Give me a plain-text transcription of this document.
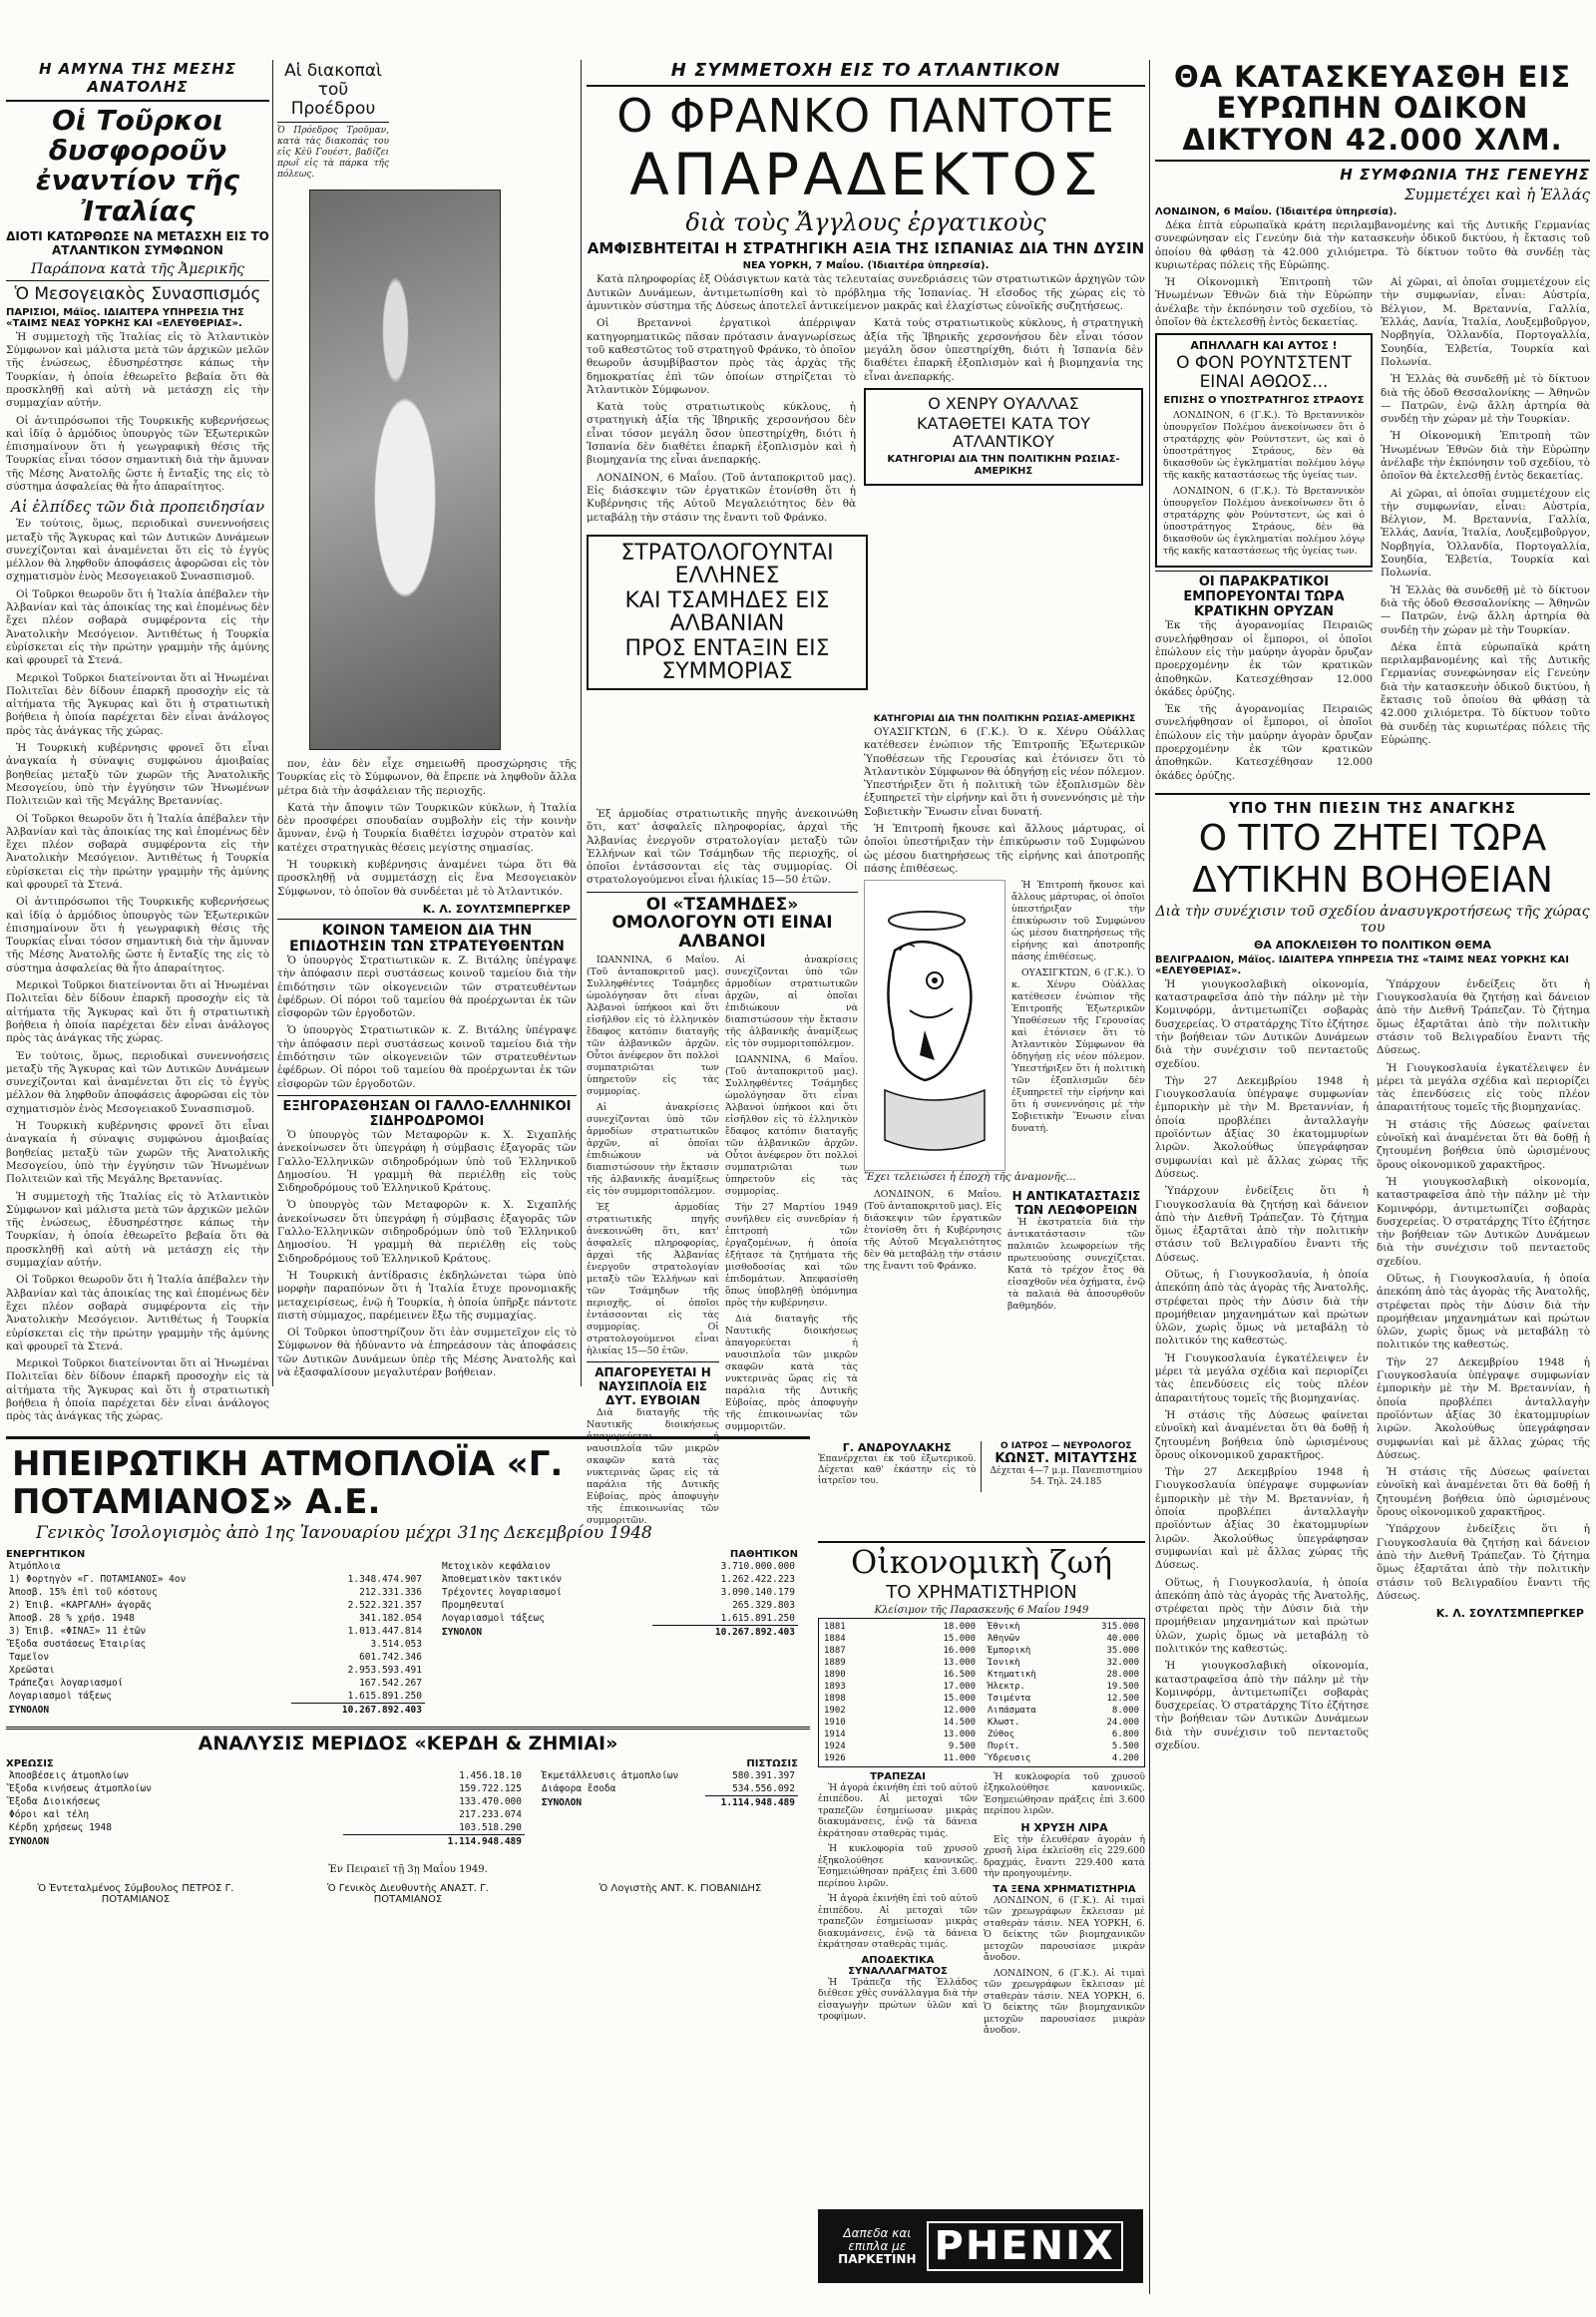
Η ΑΜΥΝΑ ΤΗΣ ΜΕΣΗΣ ΑΝΑΤΟΛΗΣ
Οἱ Τοῦρκοι δυσφοροῦν ἐναντίον τῆς Ἰταλίας
ΔΙΟΤΙ ΚΑΤΩΡΘΩΣΕ ΝΑ ΜΕΤΑΣΧΗ ΕΙΣ ΤΟ ΑΤΛΑΝΤΙΚΟΝ ΣΥΜΦΩΝΟΝ
Παράπονα κατὰ τῆς Ἀμερικῆς
Ὁ Μεσογειακὸς Συνασπισμός
ΠΑΡΙΣΙΟΙ, Μάϊος. ΙΔΙΑΙΤΕΡΑ ΥΠΗΡΕΣΙΑ ΤΗΣ «ΤΑΙΜΣ ΝΕΑΣ ΥΟΡΚΗΣ ΚΑΙ «ΕΛΕΥΘΕΡΙΑΣ».

Ἡ συμμετοχὴ τῆς Ἰταλίας εἰς τὸ Ἀτλαντικὸν Σύμφωνον καὶ μάλιστα μετὰ τῶν ἀρχικῶν μελῶν τῆς ἐνώσεως, ἐδυσηρέστησε κάπως τὴν Τουρκίαν, ἡ ὁποία ἐθεωρεῖτο βεβαία ὅτι θὰ προσκληθῇ καὶ αὐτὴ νὰ μετάσχῃ εἰς τὴν συμμαχίαν αὐτήν.

Οἱ ἀντιπρόσωποι τῆς Τουρκικῆς κυβερνήσεως καὶ ἰδίᾳ ὁ ἀρμόδιος ὑπουργὸς τῶν Ἐξωτερικῶν ἐπισημαίνουν ὅτι ἡ γεωγραφικὴ θέσις τῆς Τουρκίας εἶναι τόσον σημαντικὴ διὰ τὴν ἄμυναν τῆς Μέσης Ἀνατολῆς ὥστε ἡ ἔνταξίς της εἰς τὸ σύστημα ἀσφαλείας θὰ ἦτο ἀπαραίτητος.

Αἱ ἐλπίδες τῶν διὰ προπειδησίαν

Ἐν τούτοις, ὅμως, περιοδικαὶ συνεννοήσεις μεταξὺ τῆς Ἄγκυρας καὶ τῶν Δυτικῶν Δυνάμεων συνεχίζονται καὶ ἀναμένεται ὅτι εἰς τὸ ἐγγὺς μέλλον θὰ ληφθοῦν ἀποφάσεις ἀφορῶσαι εἰς τὸν σχηματισμὸν ἑνὸς Μεσογειακοῦ Συνασπισμοῦ.

Οἱ Τοῦρκοι θεωροῦν ὅτι ἡ Ἰταλία ἀπέβαλεν τὴν Ἀλβανίαν καὶ τὰς ἀποικίας της καὶ ἐπομένως δὲν ἔχει πλέον σοβαρὰ συμφέροντα εἰς τὴν Ἀνατολικὴν Μεσόγειον. Ἀντιθέτως ἡ Τουρκία εὑρίσκεται εἰς τὴν πρώτην γραμμὴν τῆς ἀμύνης καὶ φρουρεῖ τὰ Στενά.

Μερικοὶ Τοῦρκοι διατείνονται ὅτι αἱ Ἡνωμέναι Πολιτεῖαι δὲν δίδουν ἐπαρκῆ προσοχὴν εἰς τὰ αἰτήματα τῆς Ἄγκυρας καὶ ὅτι ἡ στρατιωτικὴ βοήθεια ἡ ὁποία παρέχεται δὲν εἶναι ἀνάλογος πρὸς τὰς ἀνάγκας τῆς χώρας.

Ἡ Τουρκικὴ κυβέρνησις φρονεῖ ὅτι εἶναι ἀναγκαία ἡ σύναψις συμφώνου ἀμοιβαίας βοηθείας μεταξὺ τῶν χωρῶν τῆς Ἀνατολικῆς Μεσογείου, ὑπὸ τὴν ἐγγύησιν τῶν Ἡνωμένων Πολιτειῶν καὶ τῆς Μεγάλης Βρεταννίας.

Οἱ Τοῦρκοι θεωροῦν ὅτι ἡ Ἰταλία ἀπέβαλεν τὴν Ἀλβανίαν καὶ τὰς ἀποικίας της καὶ ἐπομένως δὲν ἔχει πλέον σοβαρὰ συμφέροντα εἰς τὴν Ἀνατολικὴν Μεσόγειον. Ἀντιθέτως ἡ Τουρκία εὑρίσκεται εἰς τὴν πρώτην γραμμὴν τῆς ἀμύνης καὶ φρουρεῖ τὰ Στενά.

Οἱ ἀντιπρόσωποι τῆς Τουρκικῆς κυβερνήσεως καὶ ἰδίᾳ ὁ ἀρμόδιος ὑπουργὸς τῶν Ἐξωτερικῶν ἐπισημαίνουν ὅτι ἡ γεωγραφικὴ θέσις τῆς Τουρκίας εἶναι τόσον σημαντικὴ διὰ τὴν ἄμυναν τῆς Μέσης Ἀνατολῆς ὥστε ἡ ἔνταξίς της εἰς τὸ σύστημα ἀσφαλείας θὰ ἦτο ἀπαραίτητος.

Μερικοὶ Τοῦρκοι διατείνονται ὅτι αἱ Ἡνωμέναι Πολιτεῖαι δὲν δίδουν ἐπαρκῆ προσοχὴν εἰς τὰ αἰτήματα τῆς Ἄγκυρας καὶ ὅτι ἡ στρατιωτικὴ βοήθεια ἡ ὁποία παρέχεται δὲν εἶναι ἀνάλογος πρὸς τὰς ἀνάγκας τῆς χώρας.

Ἐν τούτοις, ὅμως, περιοδικαὶ συνεννοήσεις μεταξὺ τῆς Ἄγκυρας καὶ τῶν Δυτικῶν Δυνάμεων συνεχίζονται καὶ ἀναμένεται ὅτι εἰς τὸ ἐγγὺς μέλλον θὰ ληφθοῦν ἀποφάσεις ἀφορῶσαι εἰς τὸν σχηματισμὸν ἑνὸς Μεσογειακοῦ Συνασπισμοῦ.

Ἡ Τουρκικὴ κυβέρνησις φρονεῖ ὅτι εἶναι ἀναγκαία ἡ σύναψις συμφώνου ἀμοιβαίας βοηθείας μεταξὺ τῶν χωρῶν τῆς Ἀνατολικῆς Μεσογείου, ὑπὸ τὴν ἐγγύησιν τῶν Ἡνωμένων Πολιτειῶν καὶ τῆς Μεγάλης Βρεταννίας.

Ἡ συμμετοχὴ τῆς Ἰταλίας εἰς τὸ Ἀτλαντικὸν Σύμφωνον καὶ μάλιστα μετὰ τῶν ἀρχικῶν μελῶν τῆς ἐνώσεως, ἐδυσηρέστησε κάπως τὴν Τουρκίαν, ἡ ὁποία ἐθεωρεῖτο βεβαία ὅτι θὰ προσκληθῇ καὶ αὐτὴ νὰ μετάσχῃ εἰς τὴν συμμαχίαν αὐτήν.

Οἱ Τοῦρκοι θεωροῦν ὅτι ἡ Ἰταλία ἀπέβαλεν τὴν Ἀλβανίαν καὶ τὰς ἀποικίας της καὶ ἐπομένως δὲν ἔχει πλέον σοβαρὰ συμφέροντα εἰς τὴν Ἀνατολικὴν Μεσόγειον. Ἀντιθέτως ἡ Τουρκία εὑρίσκεται εἰς τὴν πρώτην γραμμὴν τῆς ἀμύνης καὶ φρουρεῖ τὰ Στενά.

Μερικοὶ Τοῦρκοι διατείνονται ὅτι αἱ Ἡνωμέναι Πολιτεῖαι δὲν δίδουν ἐπαρκῆ προσοχὴν εἰς τὰ αἰτήματα τῆς Ἄγκυρας καὶ ὅτι ἡ στρατιωτικὴ βοήθεια ἡ ὁποία παρέχεται δὲν εἶναι ἀνάλογος πρὸς τὰς ἀνάγκας τῆς χώρας.

Αἱ διακοπαὶ τοῦ Προέδρου

Ὁ Πρόεδρος Τροῦμαν, κατὰ τὰς διακοπάς του εἰς Κὲϋ Γουέστ, βαδίζει πρωῒ εἰς τὰ πάρκα τῆς πόλεως.

πον, ἐὰν δὲν εἶχε σημειωθῆ προσχώρησις τῆς Τουρκίας εἰς τὸ Σύμφωνον, θὰ ἔπρεπε νὰ ληφθοῦν ἄλλα μέτρα διὰ τὴν ἀσφάλειαν τῆς περιοχῆς.

Κατὰ τὴν ἄποψιν τῶν Τουρκικῶν κύκλων, ἡ Ἰταλία δὲν προσφέρει σπουδαίαν συμβολὴν εἰς τὴν κοινὴν ἄμυναν, ἐνῷ ἡ Τουρκία διαθέτει ἰσχυρὸν στρατὸν καὶ κατέχει στρατηγικὰς θέσεις μεγίστης σημασίας.

Ἡ τουρκικὴ κυβέρνησις ἀναμένει τώρα ὅτι θὰ προσκληθῇ νὰ συμμετάσχῃ εἰς ἕνα Μεσογειακὸν Σύμφωνον, τὸ ὁποῖον θὰ συνδέεται μὲ τὸ Ἀτλαντικόν.

Κ. Λ. ΣΟΥΛΤΣΜΠΕΡΓΚΕΡ
ΚΟΙΝΟΝ ΤΑΜΕΙΟΝ ΔΙΑ ΤΗΝ ΕΠΙΔΟΤΗΣΙΝ ΤΩΝ ΣΤΡΑΤΕΥΘΕΝΤΩΝ

Ὁ ὑπουργὸς Στρατιωτικῶν κ. Ζ. Βιτάλης ὑπέγραψε τὴν ἀπόφασιν περὶ συστάσεως κοινοῦ ταμείου διὰ τὴν ἐπιδότησιν τῶν οἰκογενειῶν τῶν στρατευθέντων ἐφέδρων. Οἱ πόροι τοῦ ταμείου θὰ προέρχωνται ἐκ τῶν εἰσφορῶν τῶν ἐργοδοτῶν.

Ὁ ὑπουργὸς Στρατιωτικῶν κ. Ζ. Βιτάλης ὑπέγραψε τὴν ἀπόφασιν περὶ συστάσεως κοινοῦ ταμείου διὰ τὴν ἐπιδότησιν τῶν οἰκογενειῶν τῶν στρατευθέντων ἐφέδρων. Οἱ πόροι τοῦ ταμείου θὰ προέρχωνται ἐκ τῶν εἰσφορῶν τῶν ἐργοδοτῶν.

ΕΞΗΓΟΡΑΣΘΗΣΑΝ ΟΙ ΓΑΛΛΟ-ΕΛΛΗΝΙΚΟΙ ΣΙΔΗΡΟΔΡΟΜΟΙ

Ὁ ὑπουργὸς τῶν Μεταφορῶν κ. Χ. Σιχαπλής ἀνεκοίνωσεν ὅτι ὑπεγράφη ἡ σύμβασις ἐξαγορᾶς τῶν Γαλλο-Ἑλληνικῶν σιδηροδρόμων ὑπὸ τοῦ Ἑλληνικοῦ Δημοσίου. Ἡ γραμμὴ θὰ περιέλθῃ εἰς τοὺς Σιδηροδρόμους τοῦ Ἑλληνικοῦ Κράτους.

Ὁ ὑπουργὸς τῶν Μεταφορῶν κ. Χ. Σιχαπλής ἀνεκοίνωσεν ὅτι ὑπεγράφη ἡ σύμβασις ἐξαγορᾶς τῶν Γαλλο-Ἑλληνικῶν σιδηροδρόμων ὑπὸ τοῦ Ἑλληνικοῦ Δημοσίου. Ἡ γραμμὴ θὰ περιέλθῃ εἰς τοὺς Σιδηροδρόμους τοῦ Ἑλληνικοῦ Κράτους.

Ἡ Τουρκικὴ ἀντίδρασις ἐκδηλώνεται τώρα ὑπὸ μορφὴν παραπόνων ὅτι ἡ Ἰταλία ἔτυχε προνομιακῆς μεταχειρίσεως, ἐνῷ ἡ Τουρκία, ἡ ὁποία ὑπῆρξε πάντοτε πιστὴ σύμμαχος, παρέμεινεν ἔξω τῆς συμμαχίας.

Οἱ Τοῦρκοι ὑποστηρίζουν ὅτι ἐὰν συμμετεῖχον εἰς τὸ Σύμφωνον θὰ ἠδύναντο νὰ ἐπηρεάσουν τὰς ἀποφάσεις τῶν Δυτικῶν Δυνάμεων ὑπὲρ τῆς Μέσης Ἀνατολῆς καὶ νὰ ἐξασφαλίσουν μεγαλυτέραν βοήθειαν.

Η ΣΥΜΜΕΤΟΧΗ ΕΙΣ ΤΟ ΑΤΛΑΝΤΙΚΟΝ
Ο ΦΡΑΝΚΟ ΠΑΝΤΟΤΕ
ΑΠΑΡΑΔΕΚΤΟΣ
διὰ τοὺς Ἄγγλους ἐργατικοὺς
ΑΜΦΙΣΒΗΤΕΙΤΑΙ Η ΣΤΡΑΤΗΓΙΚΗ ΑΞΙΑ ΤΗΣ ΙΣΠΑΝΙΑΣ ΔΙΑ ΤΗΝ ΔΥΣΙΝ
ΝΕΑ ΥΟΡΚΗ, 7 Μαΐου. (Ἰδιαιτέρα ὑπηρεσία).

Κατὰ πληροφορίας ἐξ Οὐάσιγκτων κατὰ τὰς τελευταίας συνεδριάσεις τῶν στρατιωτικῶν ἀρχηγῶν τῶν Δυτικῶν Δυνάμεων, ἀντιμετωπίσθη καὶ τὸ πρόβλημα τῆς Ἰσπανίας. Ἡ εἴσοδος τῆς χώρας εἰς τὸ ἀμυντικὸν σύστημα τῆς Δύσεως ἀποτελεῖ ἀντικείμενον μακρᾶς καὶ ἐλαχίστως εὐνοϊκῆς συζητήσεως.

Οἱ Βρεταννοὶ ἐργατικοὶ ἀπέρριψαν κατηγορηματικῶς πᾶσαν πρότασιν ἀναγνωρίσεως τοῦ καθεστῶτος τοῦ στρατηγοῦ Φράνκο, τὸ ὁποῖον θεωροῦν ἀσυμβίβαστον πρὸς τὰς ἀρχὰς τῆς δημοκρατίας ἐπὶ τῶν ὁποίων στηρίζεται τὸ Ἀτλαντικὸν Σύμφωνον.

Κατὰ τοὺς στρατιωτικοὺς κύκλους, ἡ στρατηγικὴ ἀξία τῆς Ἰβηρικῆς χερσονήσου δὲν εἶναι τόσον μεγάλη ὅσον ὑπεστηρίχθη, διότι ἡ Ἰσπανία δὲν διαθέτει ἐπαρκῆ ἐξοπλισμὸν καὶ ἡ βιομηχανία της εἶναι ἀνεπαρκής.

ΛΟΝΔΙΝΟΝ, 6 Μαΐου. (Τοῦ ἀνταποκριτοῦ μας). Εἰς διάσκεψιν τῶν ἐργατικῶν ἐτονίσθη ὅτι ἡ Κυβέρνησις τῆς Αὐτοῦ Μεγαλειότητος δὲν θὰ μεταβάλῃ τὴν στάσιν της ἔναντι τοῦ Φράνκο.

Κατὰ τοὺς στρατιωτικοὺς κύκλους, ἡ στρατηγικὴ ἀξία τῆς Ἰβηρικῆς χερσονήσου δὲν εἶναι τόσον μεγάλη ὅσον ὑπεστηρίχθη, διότι ἡ Ἰσπανία δὲν διαθέτει ἐπαρκῆ ἐξοπλισμὸν καὶ ἡ βιομηχανία της εἶναι ἀνεπαρκής.

Ο ΧΕΝΡΥ ΟΥΑΛΛΑΣ
ΚΑΤΑΘΕΤΕΙ ΚΑΤΑ ΤΟΥ ΑΤΛΑΝΤΙΚΟΥ
ΚΑΤΗΓΟΡΙΑΙ ΔΙΑ ΤΗΝ ΠΟΛΙΤΙΚΗΝ ΡΩΣΙΑΣ-ΑΜΕΡΙΚΗΣ
ΣΤΡΑΤΟΛΟΓΟΥΝΤΑΙ ΕΛΛΗΝΕΣ
ΚΑΙ ΤΣΑΜΗΔΕΣ ΕΙΣ ΑΛΒΑΝΙΑΝ
ΠΡΟΣ ΕΝΤΑΞΙΝ ΕΙΣ ΣΥΜΜΟΡΙΑΣ

Ἐξ ἁρμοδίας στρατιωτικῆς πηγῆς ἀνεκοινώθη ὅτι, κατ' ἀσφαλεῖς πληροφορίας, ἀρχαὶ τῆς Ἀλβανίας ἐνεργοῦν στρατολογίαν μεταξὺ τῶν Ἑλλήνων καὶ τῶν Τσάμηδων τῆς περιοχῆς, οἱ ὁποῖοι ἐντάσσονται εἰς τὰς συμμορίας. Οἱ στρατολογούμενοι εἶναι ἡλικίας 15—50 ἐτῶν.

ΟΙ «ΤΣΑΜΗΔΕΣ» ΟΜΟΛΟΓΟΥΝ ΟΤΙ ΕΙΝΑΙ ΑΛΒΑΝΟΙ

ΙΩΑΝΝΙΝΑ, 6 Μαΐου. (Τοῦ ἀνταποκριτοῦ μας). Συλληφθέντες Τσάμηδες ὡμολόγησαν ὅτι εἶναι Ἀλβανοὶ ὑπήκοοι καὶ ὅτι εἰσῆλθον εἰς τὸ ἑλληνικὸν ἔδαφος κατόπιν διαταγῆς τῶν ἀλβανικῶν ἀρχῶν. Οὗτοι ἀνέφερον ὅτι πολλοὶ συμπατριῶται των ὑπηρετοῦν εἰς τὰς συμμορίας.

Αἱ ἀνακρίσεις συνεχίζονται ὑπὸ τῶν ἁρμοδίων στρατιωτικῶν ἀρχῶν, αἱ ὁποῖαι ἐπιδιώκουν νὰ διαπιστώσουν τὴν ἔκτασιν τῆς ἀλβανικῆς ἀναμίξεως εἰς τὸν συμμοριτοπόλεμον.

Ἐξ ἁρμοδίας στρατιωτικῆς πηγῆς ἀνεκοινώθη ὅτι, κατ' ἀσφαλεῖς πληροφορίας, ἀρχαὶ τῆς Ἀλβανίας ἐνεργοῦν στρατολογίαν μεταξὺ τῶν Ἑλλήνων καὶ τῶν Τσάμηδων τῆς περιοχῆς, οἱ ὁποῖοι ἐντάσσονται εἰς τὰς συμμορίας. Οἱ στρατολογούμενοι εἶναι ἡλικίας 15—50 ἐτῶν.

ΑΠΑΓΟΡΕΥΕΤΑΙ Η ΝΑΥΣΙΠΛΟΪΑ ΕΙΣ ΔΥΤ. ΕΥΒΟΙΑΝ

Διὰ διαταγῆς τῆς Ναυτικῆς διοικήσεως ἀπαγορεύεται ἡ ναυσιπλοΐα τῶν μικρῶν σκαφῶν κατὰ τὰς νυκτερινὰς ὥρας εἰς τὰ παράλια τῆς Δυτικῆς Εὐβοίας, πρὸς ἀποφυγὴν τῆς ἐπικοινωνίας τῶν συμμοριτῶν.

Αἱ ἀνακρίσεις συνεχίζονται ὑπὸ τῶν ἁρμοδίων στρατιωτικῶν ἀρχῶν, αἱ ὁποῖαι ἐπιδιώκουν νὰ διαπιστώσουν τὴν ἔκτασιν τῆς ἀλβανικῆς ἀναμίξεως εἰς τὸν συμμοριτοπόλεμον.

ΙΩΑΝΝΙΝΑ, 6 Μαΐου. (Τοῦ ἀνταποκριτοῦ μας). Συλληφθέντες Τσάμηδες ὡμολόγησαν ὅτι εἶναι Ἀλβανοὶ ὑπήκοοι καὶ ὅτι εἰσῆλθον εἰς τὸ ἑλληνικὸν ἔδαφος κατόπιν διαταγῆς τῶν ἀλβανικῶν ἀρχῶν. Οὗτοι ἀνέφερον ὅτι πολλοὶ συμπατριῶται των ὑπηρετοῦν εἰς τὰς συμμορίας.

Τὴν 27 Μαρτίου 1949 συνῆλθεν εἰς συνεδρίαν ἡ ἐπιτροπὴ τῶν ἐργαζομένων, ἡ ὁποία ἐξήτασε τὰ ζητήματα τῆς μισθοδοσίας καὶ τῶν ἐπιδομάτων. Ἀπεφασίσθη ὅπως ὑποβληθῇ ὑπόμνημα πρὸς τὴν κυβέρνησιν.

Διὰ διαταγῆς τῆς Ναυτικῆς διοικήσεως ἀπαγορεύεται ἡ ναυσιπλοΐα τῶν μικρῶν σκαφῶν κατὰ τὰς νυκτερινὰς ὥρας εἰς τὰ παράλια τῆς Δυτικῆς Εὐβοίας, πρὸς ἀποφυγὴν τῆς ἐπικοινωνίας τῶν συμμοριτῶν.

ΚΑΤΗΓΟΡΙΑΙ ΔΙΑ ΤΗΝ ΠΟΛΙΤΙΚΗΝ ΡΩΣΙΑΣ-ΑΜΕΡΙΚΗΣ

ΟΥΑΣΙΓΚΤΩΝ, 6 (Γ.Κ.). Ὁ κ. Χένρυ Οὐάλλας κατέθεσεν ἐνώπιον τῆς Ἐπιτροπῆς Ἐξωτερικῶν Ὑποθέσεων τῆς Γερουσίας καὶ ἐτόνισεν ὅτι τὸ Ἀτλαντικὸν Σύμφωνον θὰ ὁδηγήσῃ εἰς νέον πόλεμον. Ὑπεστήριξεν ὅτι ἡ πολιτικὴ τῶν ἐξοπλισμῶν δὲν ἐξυπηρετεῖ τὴν εἰρήνην καὶ ὅτι ἡ συνεννόησις μὲ τὴν Σοβιετικὴν Ἕνωσιν εἶναι δυνατή.

Ἡ Ἐπιτροπὴ ἤκουσε καὶ ἄλλους μάρτυρας, οἱ ὁποῖοι ὑπεστήριξαν τὴν ἐπικύρωσιν τοῦ Συμφώνου ὡς μέσου διατηρήσεως τῆς εἰρήνης καὶ ἀποτροπῆς πάσης ἐπιθέσεως.

Ἡ Ἐπιτροπὴ ἤκουσε καὶ ἄλλους μάρτυρας, οἱ ὁποῖοι ὑπεστήριξαν τὴν ἐπικύρωσιν τοῦ Συμφώνου ὡς μέσου διατηρήσεως τῆς εἰρήνης καὶ ἀποτροπῆς πάσης ἐπιθέσεως.

ΟΥΑΣΙΓΚΤΩΝ, 6 (Γ.Κ.). Ὁ κ. Χένρυ Οὐάλλας κατέθεσεν ἐνώπιον τῆς Ἐπιτροπῆς Ἐξωτερικῶν Ὑποθέσεων τῆς Γερουσίας καὶ ἐτόνισεν ὅτι τὸ Ἀτλαντικὸν Σύμφωνον θὰ ὁδηγήσῃ εἰς νέον πόλεμον. Ὑπεστήριξεν ὅτι ἡ πολιτικὴ τῶν ἐξοπλισμῶν δὲν ἐξυπηρετεῖ τὴν εἰρήνην καὶ ὅτι ἡ συνεννόησις μὲ τὴν Σοβιετικὴν Ἕνωσιν εἶναι δυνατή.

Ἔχει τελειώσει ἡ ἐποχὴ τῆς ἀναμονῆς...

ΛΟΝΔΙΝΟΝ, 6 Μαΐου. (Τοῦ ἀνταποκριτοῦ μας). Εἰς διάσκεψιν τῶν ἐργατικῶν ἐτονίσθη ὅτι ἡ Κυβέρνησις τῆς Αὐτοῦ Μεγαλειότητος δὲν θὰ μεταβάλῃ τὴν στάσιν της ἔναντι τοῦ Φράνκο.

Η ΑΝΤΙΚΑΤΑΣΤΑΣΙΣ ΤΩΝ ΛΕΩΦΟΡΕΙΩΝ

Ἡ ἐκστρατεία διὰ τὴν ἀντικατάστασιν τῶν παλαιῶν λεωφορείων τῆς πρωτευούσης συνεχίζεται. Κατὰ τὸ τρέχον ἔτος θὰ εἰσαχθοῦν νέα ὀχήματα, ἐνῷ τὰ παλαιὰ θὰ ἀποσυρθοῦν βαθμηδόν.

ΘΑ ΚΑΤΑΣΚΕΥΑΣΘΗ ΕΙΣ ΕΥΡΩΠΗΝ ΟΔΙΚΟΝ ΔΙΚΤΥΟΝ 42.000 ΧΛΜ.
Η ΣΥΜΦΩΝΙΑ ΤΗΣ ΓΕΝΕΥΗΣ
Συμμετέχει καὶ ἡ Ἑλλάς
ΛΟΝΔΙΝΟΝ, 6 Μαΐου. (Ἰδιαιτέρα ὑπηρεσία).

Δέκα ἑπτὰ εὐρωπαϊκὰ κράτη περιλαμβανομένης καὶ τῆς Δυτικῆς Γερμανίας συνεφώνησαν εἰς Γενεύην διὰ τὴν κατασκευὴν ὁδικοῦ δικτύου, ἡ ἔκτασις τοῦ ὁποίου θὰ φθάσῃ τὰ 42.000 χιλιόμετρα. Τὸ δίκτυον τοῦτο θὰ συνδέῃ τὰς κυριωτέρας πόλεις τῆς Εὐρώπης.

Ἡ Οἰκονομικὴ Ἐπιτροπὴ τῶν Ἡνωμένων Ἐθνῶν διὰ τὴν Εὐρώπην ἀνέλαβε τὴν ἐκπόνησιν τοῦ σχεδίου, τὸ ὁποῖον θὰ ἐκτελεσθῇ ἐντὸς δεκαετίας.

ΑΠΗΛΛΑΓΗ ΚΑΙ ΑΥΤΟΣ !
Ο ΦΟΝ ΡΟΥΝΤΣΤΕΝΤ ΕΙΝΑΙ ΑΘΩΟΣ...
ΕΠΙΣΗΣ Ο ΥΠΟΣΤΡΑΤΗΓΟΣ ΣΤΡΑΟΥΣ

ΛΟΝΔΙΝΟΝ, 6 (Γ.Κ.). Τὸ Βρεταννικὸν ὑπουργεῖον Πολέμου ἀνεκοίνωσεν ὅτι ὁ στρατάρχης φὸν Ρούντστεντ, ὡς καὶ ὁ ὑποστράτηγος Στράους, δὲν θὰ δικασθοῦν ὡς ἐγκληματίαι πολέμου λόγῳ τῆς κακῆς καταστάσεως τῆς ὑγείας των.

ΛΟΝΔΙΝΟΝ, 6 (Γ.Κ.). Τὸ Βρεταννικὸν ὑπουργεῖον Πολέμου ἀνεκοίνωσεν ὅτι ὁ στρατάρχης φὸν Ρούντστεντ, ὡς καὶ ὁ ὑποστράτηγος Στράους, δὲν θὰ δικασθοῦν ὡς ἐγκληματίαι πολέμου λόγῳ τῆς κακῆς καταστάσεως τῆς ὑγείας των.

ΟΙ ΠΑΡΑΚΡΑΤΙΚΟΙ ΕΜΠΟΡΕΥΟΝΤΑΙ ΤΩΡΑ ΚΡΑΤΙΚΗΝ ΟΡΥΖΑΝ

Ἐκ τῆς ἀγορανομίας Πειραιῶς συνελήφθησαν οἱ ἔμποροι, οἱ ὁποῖοι ἐπώλουν εἰς τὴν μαύρην ἀγορὰν ὄρυζαν προερχομένην ἐκ τῶν κρατικῶν ἀποθηκῶν. Κατεσχέθησαν 12.000 ὀκάδες ὀρύζης.

Ἐκ τῆς ἀγορανομίας Πειραιῶς συνελήφθησαν οἱ ἔμποροι, οἱ ὁποῖοι ἐπώλουν εἰς τὴν μαύρην ἀγορὰν ὄρυζαν προερχομένην ἐκ τῶν κρατικῶν ἀποθηκῶν. Κατεσχέθησαν 12.000 ὀκάδες ὀρύζης.

Αἱ χῶραι, αἱ ὁποῖαι συμμετέχουν εἰς τὴν συμφωνίαν, εἶναι: Αὐστρία, Βέλγιον, Μ. Βρεταννία, Γαλλία, Ἑλλάς, Δανία, Ἰταλία, Λουξεμβοῦργον, Νορβηγία, Ὁλλανδία, Πορτογαλλία, Σουηδία, Ἐλβετία, Τουρκία καὶ Πολωνία.

Ἡ Ἑλλὰς θὰ συνδεθῇ μὲ τὸ δίκτυον διὰ τῆς ὁδοῦ Θεσσαλονίκης — Ἀθηνῶν — Πατρῶν, ἐνῷ ἄλλη ἀρτηρία θὰ συνδέῃ τὴν χώραν μὲ τὴν Τουρκίαν.

Ἡ Οἰκονομικὴ Ἐπιτροπὴ τῶν Ἡνωμένων Ἐθνῶν διὰ τὴν Εὐρώπην ἀνέλαβε τὴν ἐκπόνησιν τοῦ σχεδίου, τὸ ὁποῖον θὰ ἐκτελεσθῇ ἐντὸς δεκαετίας.

Αἱ χῶραι, αἱ ὁποῖαι συμμετέχουν εἰς τὴν συμφωνίαν, εἶναι: Αὐστρία, Βέλγιον, Μ. Βρεταννία, Γαλλία, Ἑλλάς, Δανία, Ἰταλία, Λουξεμβοῦργον, Νορβηγία, Ὁλλανδία, Πορτογαλλία, Σουηδία, Ἐλβετία, Τουρκία καὶ Πολωνία.

Ἡ Ἑλλὰς θὰ συνδεθῇ μὲ τὸ δίκτυον διὰ τῆς ὁδοῦ Θεσσαλονίκης — Ἀθηνῶν — Πατρῶν, ἐνῷ ἄλλη ἀρτηρία θὰ συνδέῃ τὴν χώραν μὲ τὴν Τουρκίαν.

Δέκα ἑπτὰ εὐρωπαϊκὰ κράτη περιλαμβανομένης καὶ τῆς Δυτικῆς Γερμανίας συνεφώνησαν εἰς Γενεύην διὰ τὴν κατασκευὴν ὁδικοῦ δικτύου, ἡ ἔκτασις τοῦ ὁποίου θὰ φθάσῃ τὰ 42.000 χιλιόμετρα. Τὸ δίκτυον τοῦτο θὰ συνδέῃ τὰς κυριωτέρας πόλεις τῆς Εὐρώπης.

ΥΠΟ ΤΗΝ ΠΙΕΣΙΝ ΤΗΣ ΑΝΑΓΚΗΣ
Ο ΤΙΤΟ ΖΗΤΕΙ ΤΩΡΑ
ΔΥΤΙΚΗΝ ΒΟΗΘΕΙΑΝ
Διὰ τὴν συνέχισιν τοῦ σχεδίου ἀνασυγκροτήσεως τῆς χώρας του
ΘΑ ΑΠΟΚΛΕΙΣΘΗ ΤΟ ΠΟΛΙΤΙΚΟΝ ΘΕΜΑ
ΒΕΛΙΓΡΑΔΙΟΝ, Μάϊος. ΙΔΙΑΙΤΕΡΑ ΥΠΗΡΕΣΙΑ ΤΗΣ «ΤΑΙΜΣ ΝΕΑΣ ΥΟΡΚΗΣ ΚΑΙ «ΕΛΕΥΘΕΡΙΑΣ».

Ἡ γιουγκοσλαβικὴ οἰκονομία, καταστραφεῖσα ἀπὸ τὴν πάλην μὲ τὴν Κομινφόρμ, ἀντιμετωπίζει σοβαρὰς δυσχερείας. Ὁ στρατάρχης Τίτο ἐζήτησε τὴν βοήθειαν τῶν Δυτικῶν Δυνάμεων διὰ τὴν συνέχισιν τοῦ πενταετοῦς σχεδίου.

Τὴν 27 Δεκεμβρίου 1948 ἡ Γιουγκοσλαυία ὑπέγραψε συμφωνίαν ἐμπορικὴν μὲ τὴν Μ. Βρεταννίαν, ἡ ὁποία προβλέπει ἀνταλλαγὴν προϊόντων ἀξίας 30 ἑκατομμυρίων λιρῶν. Ἀκολούθως ὑπεγράφησαν συμφωνίαι καὶ μὲ ἄλλας χώρας τῆς Δύσεως.

Ὑπάρχουν ἐνδείξεις ὅτι ἡ Γιουγκοσλαυία θὰ ζητήσῃ καὶ δάνειον ἀπὸ τὴν Διεθνῆ Τράπεζαν. Τὸ ζήτημα ὅμως ἐξαρτᾶται ἀπὸ τὴν πολιτικὴν στάσιν τοῦ Βελιγραδίου ἔναντι τῆς Δύσεως.

Οὕτως, ἡ Γιουγκοσλαυία, ἡ ὁποία ἀπεκόπη ἀπὸ τὰς ἀγορὰς τῆς Ἀνατολῆς, στρέφεται πρὸς τὴν Δύσιν διὰ τὴν προμήθειαν μηχανημάτων καὶ πρώτων ὑλῶν, χωρὶς ὅμως νὰ μεταβάλῃ τὸ πολιτικόν της καθεστώς.

Ἡ Γιουγκοσλαυία ἐγκατέλειψεν ἐν μέρει τὰ μεγάλα σχέδια καὶ περιορίζει τὰς ἐπενδύσεις εἰς τοὺς πλέον ἀπαραιτήτους τομεῖς τῆς βιομηχανίας.

Ἡ στάσις τῆς Δύσεως φαίνεται εὐνοϊκὴ καὶ ἀναμένεται ὅτι θὰ δοθῇ ἡ ζητουμένη βοήθεια ὑπὸ ὡρισμένους ὅρους οἰκονομικοῦ χαρακτῆρος.

Τὴν 27 Δεκεμβρίου 1948 ἡ Γιουγκοσλαυία ὑπέγραψε συμφωνίαν ἐμπορικὴν μὲ τὴν Μ. Βρεταννίαν, ἡ ὁποία προβλέπει ἀνταλλαγὴν προϊόντων ἀξίας 30 ἑκατομμυρίων λιρῶν. Ἀκολούθως ὑπεγράφησαν συμφωνίαι καὶ μὲ ἄλλας χώρας τῆς Δύσεως.

Οὕτως, ἡ Γιουγκοσλαυία, ἡ ὁποία ἀπεκόπη ἀπὸ τὰς ἀγορὰς τῆς Ἀνατολῆς, στρέφεται πρὸς τὴν Δύσιν διὰ τὴν προμήθειαν μηχανημάτων καὶ πρώτων ὑλῶν, χωρὶς ὅμως νὰ μεταβάλῃ τὸ πολιτικόν της καθεστώς.

Ἡ γιουγκοσλαβικὴ οἰκονομία, καταστραφεῖσα ἀπὸ τὴν πάλην μὲ τὴν Κομινφόρμ, ἀντιμετωπίζει σοβαρὰς δυσχερείας. Ὁ στρατάρχης Τίτο ἐζήτησε τὴν βοήθειαν τῶν Δυτικῶν Δυνάμεων διὰ τὴν συνέχισιν τοῦ πενταετοῦς σχεδίου.

Ὑπάρχουν ἐνδείξεις ὅτι ἡ Γιουγκοσλαυία θὰ ζητήσῃ καὶ δάνειον ἀπὸ τὴν Διεθνῆ Τράπεζαν. Τὸ ζήτημα ὅμως ἐξαρτᾶται ἀπὸ τὴν πολιτικὴν στάσιν τοῦ Βελιγραδίου ἔναντι τῆς Δύσεως.

Ἡ Γιουγκοσλαυία ἐγκατέλειψεν ἐν μέρει τὰ μεγάλα σχέδια καὶ περιορίζει τὰς ἐπενδύσεις εἰς τοὺς πλέον ἀπαραιτήτους τομεῖς τῆς βιομηχανίας.

Ἡ στάσις τῆς Δύσεως φαίνεται εὐνοϊκὴ καὶ ἀναμένεται ὅτι θὰ δοθῇ ἡ ζητουμένη βοήθεια ὑπὸ ὡρισμένους ὅρους οἰκονομικοῦ χαρακτῆρος.

Ἡ γιουγκοσλαβικὴ οἰκονομία, καταστραφεῖσα ἀπὸ τὴν πάλην μὲ τὴν Κομινφόρμ, ἀντιμετωπίζει σοβαρὰς δυσχερείας. Ὁ στρατάρχης Τίτο ἐζήτησε τὴν βοήθειαν τῶν Δυτικῶν Δυνάμεων διὰ τὴν συνέχισιν τοῦ πενταετοῦς σχεδίου.

Οὕτως, ἡ Γιουγκοσλαυία, ἡ ὁποία ἀπεκόπη ἀπὸ τὰς ἀγορὰς τῆς Ἀνατολῆς, στρέφεται πρὸς τὴν Δύσιν διὰ τὴν προμήθειαν μηχανημάτων καὶ πρώτων ὑλῶν, χωρὶς ὅμως νὰ μεταβάλῃ τὸ πολιτικόν της καθεστώς.

Τὴν 27 Δεκεμβρίου 1948 ἡ Γιουγκοσλαυία ὑπέγραψε συμφωνίαν ἐμπορικὴν μὲ τὴν Μ. Βρεταννίαν, ἡ ὁποία προβλέπει ἀνταλλαγὴν προϊόντων ἀξίας 30 ἑκατομμυρίων λιρῶν. Ἀκολούθως ὑπεγράφησαν συμφωνίαι καὶ μὲ ἄλλας χώρας τῆς Δύσεως.

Ἡ στάσις τῆς Δύσεως φαίνεται εὐνοϊκὴ καὶ ἀναμένεται ὅτι θὰ δοθῇ ἡ ζητουμένη βοήθεια ὑπὸ ὡρισμένους ὅρους οἰκονομικοῦ χαρακτῆρος.

Ὑπάρχουν ἐνδείξεις ὅτι ἡ Γιουγκοσλαυία θὰ ζητήσῃ καὶ δάνειον ἀπὸ τὴν Διεθνῆ Τράπεζαν. Τὸ ζήτημα ὅμως ἐξαρτᾶται ἀπὸ τὴν πολιτικὴν στάσιν τοῦ Βελιγραδίου ἔναντι τῆς Δύσεως.

Κ. Λ. ΣΟΥΛΤΣΜΠΕΡΓΚΕΡ
ΗΠΕΙΡΩΤΙΚΗ ΑΤΜΟΠΛΟΪΑ «Γ. ΠΟΤΑΜΙΑΝΟΣ» Α.Ε.
Γενικὸς Ἰσολογισμὸς ἀπὸ 1ης Ἰανουαρίου μέχρι 31ης Δεκεμβρίου 1948
ΕΝΕΡΓΗΤΙΚΟΝ
Ἀτμόπλοια	
1) Φορτηγὸν «Γ. ΠΟΤΑΜΙΑΝΟΣ» 4ον	1.348.474.907
Ἀποσβ. 15% ἐπὶ τοῦ κόστους	212.331.336
2) Ἐπιβ. «ΚΑΡΓΑΛΗ» ἀγορᾶς	2.522.321.357
Ἀποσβ. 28 % χρήσ. 1948	341.182.054
3) Ἐπιβ. «ΦΙΝΑΞ» 11 ἐτῶν	1.013.447.814
Ἔξοδα συστάσεως Ἑταιρίας	3.514.053
Ταμεῖον	601.742.346
Χρεῶσται	2.953.593.491
Τράπεζαι λογαριασμοί	167.542.267
Λογαριασμοὶ τάξεως	1.615.891.250
ΣΥΝΟΛΟΝ	10.267.892.403
ΠΑΘΗΤΙΚΟΝ
Μετοχικὸν κεφάλαιον	3.710.000.000
Ἀποθεματικὸν τακτικόν	1.262.422.223
Τρέχοντες λογαριασμοί	3.090.140.179
Προμηθευταί	265.329.803
Λογαριασμοὶ τάξεως	1.615.891.250
ΣΥΝΟΛΟΝ	10.267.892.403
ΑΝΑΛΥΣΙΣ ΜΕΡΙΔΟΣ «ΚΕΡΔΗ & ΖΗΜΙΑΙ»
ΧΡΕΩΣΙΣ
Ἀποσβέσεις ἀτμοπλοίων	1.456.18.10
Ἔξοδα κινήσεως ἀτμοπλοίων	159.722.125
Ἔξοδα Διοικήσεως	133.470.000
Φόροι καὶ τέλη	217.233.074
Κέρδη χρήσεως 1948	103.518.290
ΣΥΝΟΛΟΝ	1.114.948.489
ΠΙΣΤΩΣΙΣ
Ἐκμετάλλευσις ἀτμοπλοίων	580.391.397
Διάφορα ἔσοδα	534.556.092
ΣΥΝΟΛΟΝ	1.114.948.489
Ἐν Πειραιεῖ τῇ 3ῃ Μαΐου 1949.
Ὁ Ἐντεταλμένος Σύμβουλος ΠΕΤΡΟΣ Γ. ΠΟΤΑΜΙΑΝΟΣ
Ὁ Γενικὸς Διευθυντὴς ΑΝΑΣΤ. Γ. ΠΟΤΑΜΙΑΝΟΣ
Ὁ Λογιστὴς ΑΝΤ. Κ. ΓΙΟΒΑΝΙΔΗΣ
Γ. ΑΝΔΡΟΥΛΑΚΗΣ

Ἐπανέρχεται ἐκ τοῦ ἐξωτερικοῦ. Δέχεται καθ' ἑκάστην εἰς τὸ ἰατρεῖον του.

Ο ΙΑΤΡΟΣ — ΝΕΥΡΟΛΟΓΟΣ
ΚΩΝΣΤ. ΜΙΤΑΥΤΣΗΣ

Δέχεται 4—7 μ.μ. Πανεπιστημίου 54. Τηλ. 24.185

Οἰκονομικὴ ζωή
ΤΟ ΧΡΗΜΑΤΙΣΤΗΡΙΟΝ
Κλείσιμον τῆς Παρασκευῆς 6 Μαΐου 1949
1881	18.000
1884	15.000
1887	16.000
1889	13.000
1890	16.500
1893	17.000
1898	15.000
1902	12.000
1910	14.500
1914	13.000
1924	9.500
1926	11.000
Ἐθνικὴ	315.000
Ἀθηνῶν	40.000
Ἐμπορικὴ	35.000
Ἰονικὴ	32.000
Κτηματικὴ	28.000
Ἠλεκτρ.	19.500
Τσιμέντα	12.500
Λιπάσματα	8.000
Κλωστ.	24.000
Ζύθος	6.800
Πυρίτ.	5.500
Ὕδρευσις	4.200
ΤΡΑΠΕΖΑΙ

Ἡ ἀγορὰ ἐκινήθη ἐπὶ τοῦ αὐτοῦ ἐπιπέδου. Αἱ μετοχαὶ τῶν τραπεζῶν ἐσημείωσαν μικρὰς διακυμάνσεις, ἐνῷ τὰ δάνεια ἐκράτησαν σταθερὰς τιμάς.

Ἡ κυκλοφορία τοῦ χρυσοῦ ἐξηκολούθησε κανονικῶς. Ἐσημειώθησαν πράξεις ἐπὶ 3.600 περίπου λιρῶν.

Ἡ ἀγορὰ ἐκινήθη ἐπὶ τοῦ αὐτοῦ ἐπιπέδου. Αἱ μετοχαὶ τῶν τραπεζῶν ἐσημείωσαν μικρὰς διακυμάνσεις, ἐνῷ τὰ δάνεια ἐκράτησαν σταθερὰς τιμάς.

ΑΠΟΔΕΚΤΙΚΑ ΣΥΝΑΛΛΑΓΜΑΤΟΣ

Ἡ Τράπεζα τῆς Ἑλλάδος διέθεσε χθὲς συνάλλαγμα διὰ τὴν εἰσαγωγὴν πρώτων ὑλῶν καὶ τροφίμων.

Ἡ κυκλοφορία τοῦ χρυσοῦ ἐξηκολούθησε κανονικῶς. Ἐσημειώθησαν πράξεις ἐπὶ 3.600 περίπου λιρῶν.

Η ΧΡΥΣΗ ΛΙΡΑ

Εἰς τὴν ἐλευθέραν ἀγορὰν ἡ χρυσῆ λίρα ἐκλείσθη εἰς 229.600 δραχμάς, ἔναντι 229.400 κατὰ τὴν προηγουμένην.

ΤΑ ΞΕΝΑ ΧΡΗΜΑΤΙΣΤΗΡΙΑ

ΛΟΝΔΙΝΟΝ, 6 (Γ.Κ.). Αἱ τιμαὶ τῶν χρεωγράφων ἔκλεισαν μὲ σταθερὰν τάσιν. ΝΕΑ ΥΟΡΚΗ, 6. Ὁ δείκτης τῶν βιομηχανικῶν μετοχῶν παρουσίασε μικρὰν ἄνοδον.

ΛΟΝΔΙΝΟΝ, 6 (Γ.Κ.). Αἱ τιμαὶ τῶν χρεωγράφων ἔκλεισαν μὲ σταθερὰν τάσιν. ΝΕΑ ΥΟΡΚΗ, 6. Ὁ δείκτης τῶν βιομηχανικῶν μετοχῶν παρουσίασε μικρὰν ἄνοδον.

Δαπεδα και
επιπλα με
ΠΑΡΚΕΤΙΝΗ PHENIX
